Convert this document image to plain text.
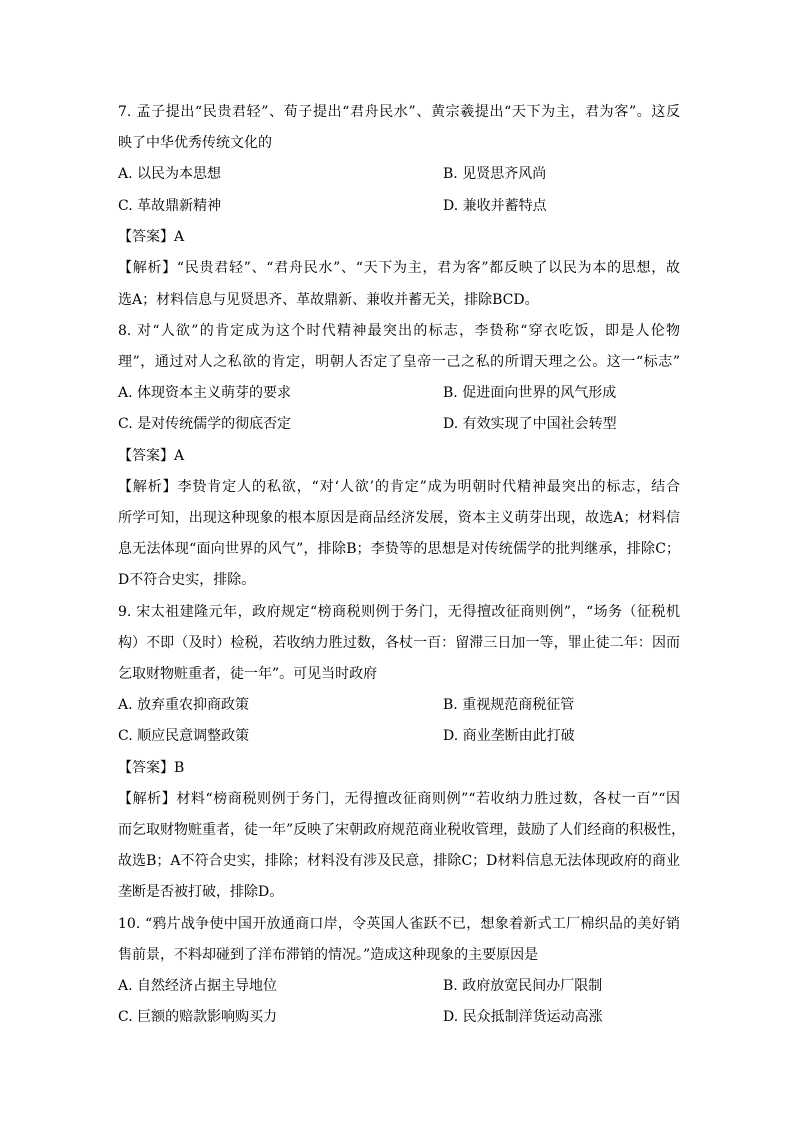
7. 孟子提出“民贵君轻”、荀子提出“君舟民水”、黄宗羲提出“天下为主，君为客”。这反
映了中华优秀传统文化的
A. 以民为本思想	B. 见贤思齐风尚
C. 革故鼎新精神	D. 兼收并蓄特点
【答案】A
【解析】“民贵君轻”、“君舟民水”、“天下为主，君为客”都反映了以民为本的思想，故
选A；材料信息与见贤思齐、革故鼎新、兼收并蓄无关，排除BCD。
8. 对“人欲”的肯定成为这个时代精神最突出的标志，李贽称“穿衣吃饭，即是人伦物
理”，通过对人之私欲的肯定，明朝人否定了皇帝一己之私的所谓天理之公。这一“标志”
A. 体现资本主义萌芽的要求	B. 促进面向世界的风气形成
C. 是对传统儒学的彻底否定	D. 有效实现了中国社会转型
【答案】A
【解析】李贽肯定人的私欲，“对‘人欲’的肯定”成为明朝时代精神最突出的标志，结合
所学可知，出现这种现象的根本原因是商品经济发展，资本主义萌芽出现，故选A；材料信
息无法体现“面向世界的风气”，排除B；李贽等的思想是对传统儒学的批判继承，排除C；
D不符合史实，排除。
9. 宋太祖建隆元年，政府规定“榜商税则例于务门，无得擅改征商则例”，“场务（征税机
构）不即（及时）检税，若收纳力胜过数，各杖一百：留滞三日加一等，罪止徒二年：因而
乞取财物赃重者，徒一年”。可见当时政府
A. 放弃重农抑商政策	B. 重视规范商税征管
C. 顺应民意调整政策	D. 商业垄断由此打破
【答案】B
【解析】材料“榜商税则例于务门，无得擅改征商则例”“若收纳力胜过数，各杖一百”“因
而乞取财物赃重者，徒一年”反映了宋朝政府规范商业税收管理，鼓励了人们经商的积极性，
故选B；A不符合史实，排除；材料没有涉及民意，排除C；D材料信息无法体现政府的商业
垄断是否被打破，排除D。
10. “鸦片战争使中国开放通商口岸，令英国人雀跃不已，想象着新式工厂棉织品的美好销
售前景，不料却碰到了洋布滞销的情况。”造成这种现象的主要原因是
A. 自然经济占据主导地位	B. 政府放宽民间办厂限制
C. 巨额的赔款影响购买力	D. 民众抵制洋货运动高涨
